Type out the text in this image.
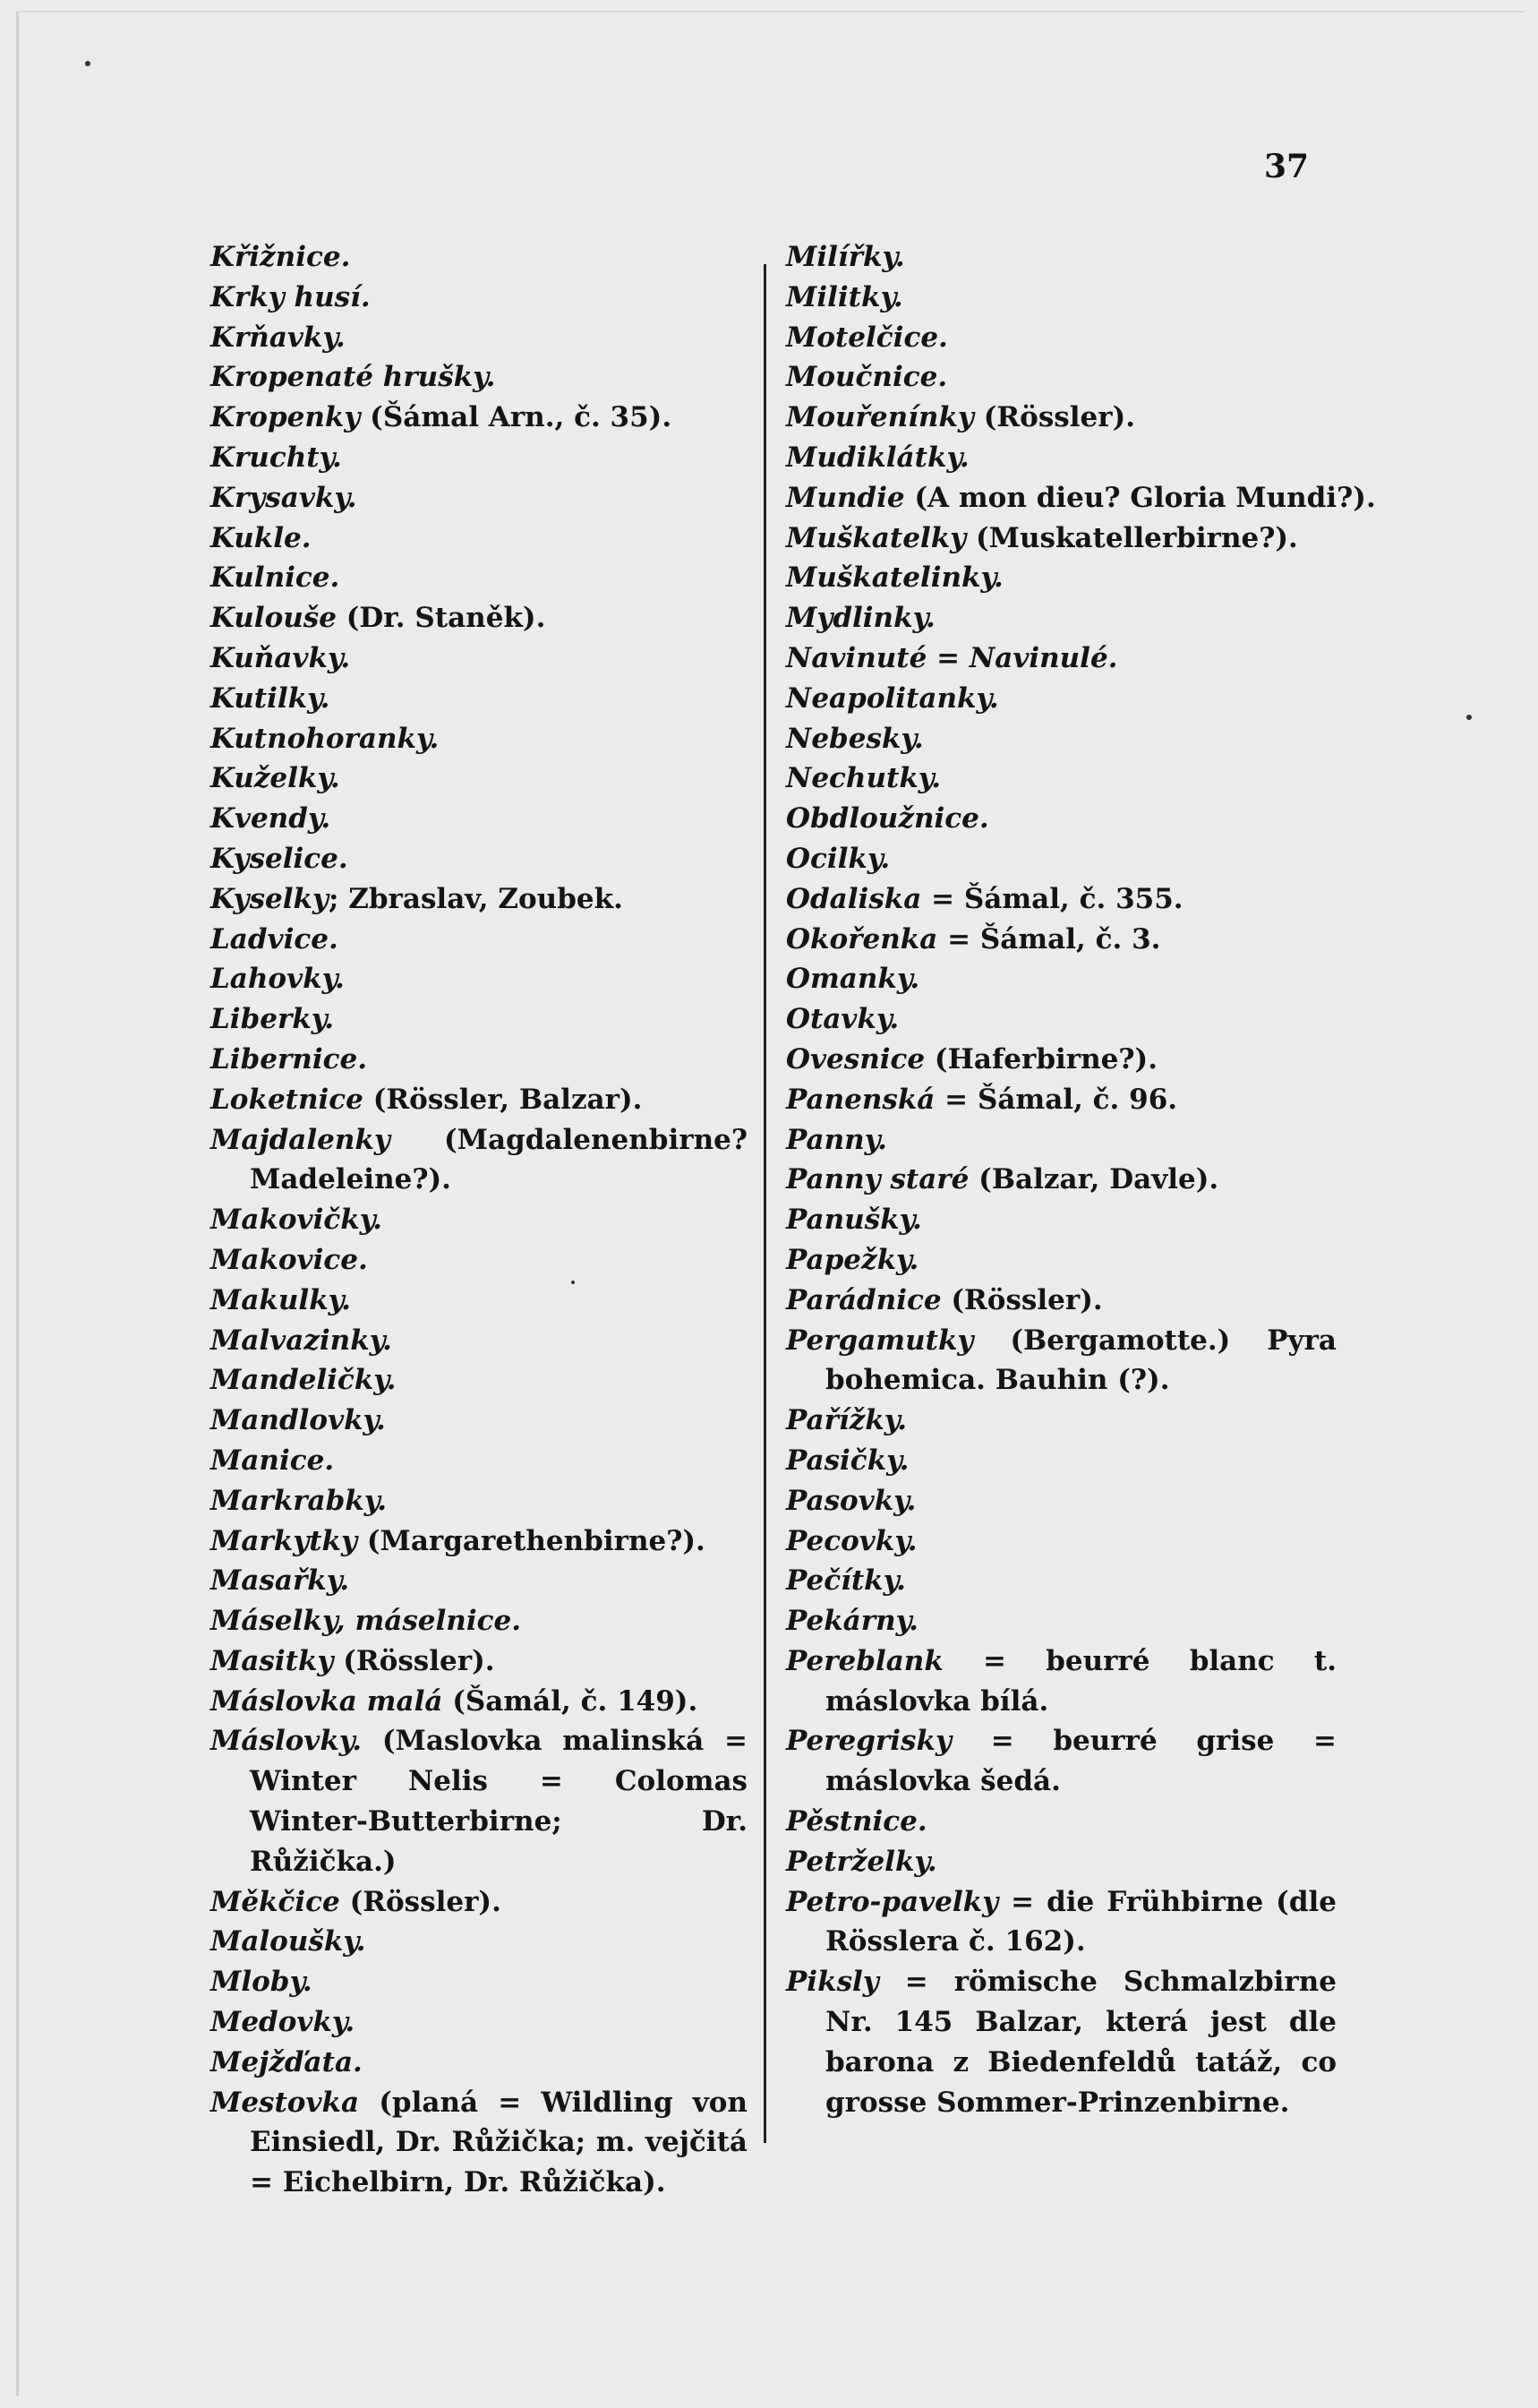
37
Křižnice.
Krky husí.
Krňavky.
Kropenaté hrušky.
Kropenky (Šámal Arn., č. 35).
Kruchty.
Krysavky.
Kukle.
Kulnice.
Kulouše (Dr. Staněk).
Kuňavky.
Kutilky.
Kutnohoranky.
Kuželky.
Kvendy.
Kyselice.
Kyselky; Zbraslav, Zoubek.
Ladvice.
Lahovky.
Liberky.
Libernice.
Loketnice (Rössler, Balzar).
Majdalenky (Magdalenenbirne? Madeleine?).
Makovičky.
Makovice.
Makulky.
Malvazinky.
Mandeličky.
Mandlovky.
Manice.
Markrabky.
Markytky (Margarethenbirne?).
Masařky.
Máselky, máselnice.
Masitky (Rössler).
Máslovka malá (Šamál, č. 149).
Máslovky. (Maslovka malinská = Winter Nelis = Colomas Winter-Butterbirne; Dr. Růžička.)
Měkčice (Rössler).
Maloušky.
Mloby.
Medovky.
Mejžďata.
Mestovka (planá = Wildling von Einsiedl, Dr. Růžička; m. vejčitá = Eichelbirn, Dr. Růžička).
Milířky.
Militky.
Motelčice.
Moučnice.
Mouřenínky (Rössler).
Mudiklátky.
Mundie (A mon dieu? Gloria Mundi?).
Muškatelky (Muskatellerbirne?).
Muškatelinky.
Mydlinky.
Navinuté = Navinulé.
Neapolitanky.
Nebesky.
Nechutky.
Obdloužnice.
Ocilky.
Odaliska = Šámal, č. 355.
Okořenka = Šámal, č. 3.
Omanky.
Otavky.
Ovesnice (Haferbirne?).
Panenská = Šámal, č. 96.
Panny.
Panny staré (Balzar, Davle).
Panušky.
Papežky.
Parádnice (Rössler).
Pergamutky (Bergamotte.) Pyra bohemica. Bauhin (?).
Pařížky.
Pasičky.
Pasovky.
Pecovky.
Pečítky.
Pekárny.
Pereblank = beurré blanc t. máslovka bílá.
Peregrisky = beurré grise = máslovka šedá.
Pěstnice.
Petrželky.
Petro-pavelky = die Frühbirne (dle Rösslera č. 162).
Piksly = römische Schmalzbirne Nr. 145 Balzar, která jest dle barona z Biedenfeldů tatáž, co grosse Sommer-Prinzenbirne.
